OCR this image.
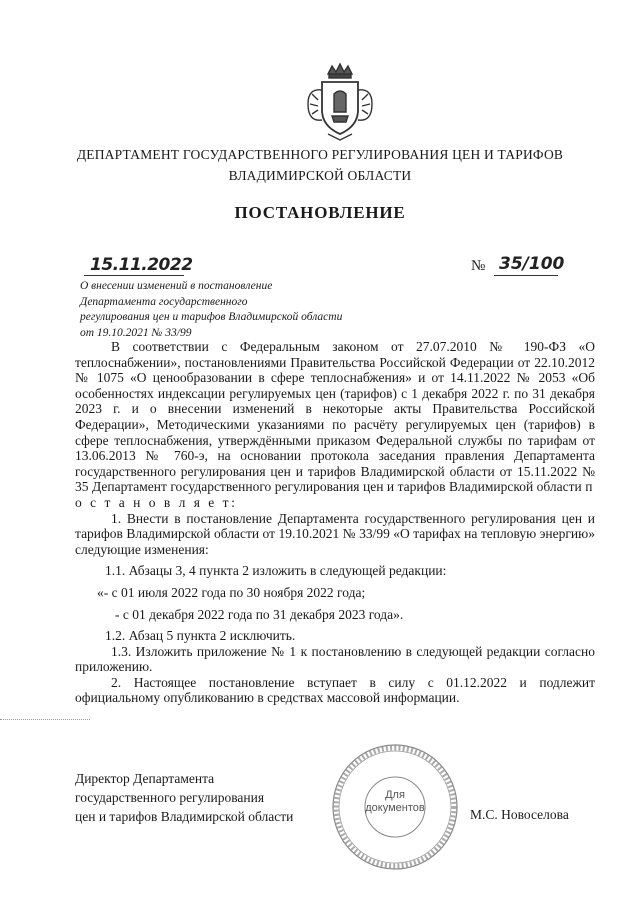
ДЕПАРТАМЕНТ ГОСУДАРСТВЕННОГО РЕГУЛИРОВАНИЯ ЦЕН И ТАРИФОВ
ВЛАДИМИРСКОЙ ОБЛАСТИ
ПОСТАНОВЛЕНИЕ
15.11.2022	№ 35/100
О внесении изменений в постановление
Департамента государственного
регулирования цен и тарифов Владимирской области
от 19.10.2021 № 33/99

В соответствии с Федеральным законом от 27.07.2010 № 190-ФЗ «О теплоснабжении», постановлениями Правительства Российской Федерации от 22.10.2012 № 1075 «О ценообразовании в сфере теплоснабжения» и от 14.11.2022 № 2053 «Об особенностях индексации регулируемых цен (тарифов) с 1 декабря 2022 г. по 31 декабря 2023 г. и о внесении изменений в некоторые акты Правительства Российской Федерации», Методическими указаниями по расчёту регулируемых цен (тарифов) в сфере теплоснабжения, утверждёнными приказом Федеральной службы по тарифам от 13.06.2013 № 760-э, на основании протокола заседания правления Департамента государственного регулирования цен и тарифов Владимирской области от 15.11.2022 № 35 Департамент государственного регулирования цен и тарифов Владимирской области п о с т а н о в л я е т:

1. Внести в постановление Департамента государственного регулирования цен и тарифов Владимирской области от 19.10.2021 № 33/99 «О тарифах на тепловую энергию» следующие изменения:

1.1. Абзацы 3, 4 пункта 2 изложить в следующей редакции:

«- с 01 июля 2022 года по 30 ноября 2022 года;

- с 01 декабря 2022 года по 31 декабря 2023 года».

1.2. Абзац 5 пункта 2 исключить.

1.3. Изложить приложение № 1 к постановлению в следующей редакции согласно приложению.

2. Настоящее постановление вступает в силу с 01.12.2022 и подлежит официальному опубликованию в средствах массовой информации.

Директор Департамента
государственного регулирования
цен и тарифов Владимирской области
Для
документов	М.С. Новоселова
